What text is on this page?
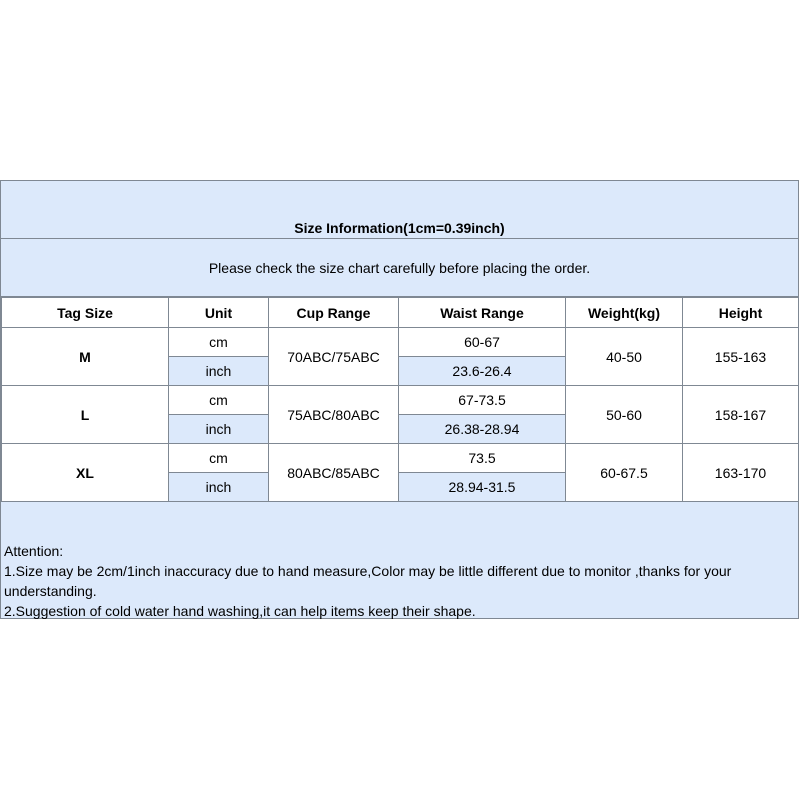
Size Information(1cm=0.39inch)
Please check the size chart carefully before placing the order.
Tag Size	Unit	Cup Range	Waist Range	Weight(kg)	Height
M	cm	70ABC/75ABC	60-67	40-50	155-163
	inch		23.6-26.4		
L	cm	75ABC/80ABC	67-73.5	50-60	158-167
	inch		26.38-28.94		
XL	cm	80ABC/85ABC	73.5	60-67.5	163-170
	inch		28.94-31.5		

Attention:

1.Size may be 2cm/1inch inaccuracy due to hand measure,Color may be little different due to monitor ,thanks for your understanding.

2.Suggestion of cold water hand washing,it can help items keep their shape.
